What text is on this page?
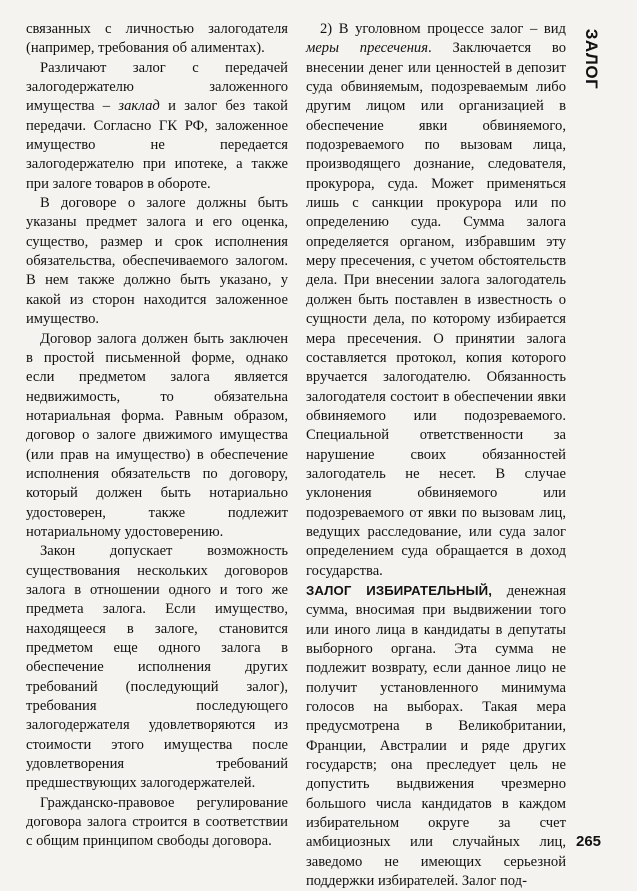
связанных с личностью залогодателя (например, требования об алиментах).

Различают залог с передачей залогодержателю заложенного имущества – заклад и залог без такой передачи. Согласно ГК РФ, заложенное имущество не передается залогодержателю при ипотеке, а также при залоге товаров в обороте.

В договоре о залоге должны быть указаны предмет залога и его оценка, существо, размер и срок исполнения обязательства, обеспечиваемого залогом. В нем также должно быть указано, у какой из сторон находится заложенное имущество.

Договор залога должен быть заключен в простой письменной форме, однако если предметом залога является недвижимость, то обязательна нотариальная форма. Равным образом, договор о залоге движимого имущества (или прав на имущество) в обеспечение исполнения обязательств по договору, который должен быть нотариально удостоверен, также подлежит нотариальному удостоверению.

Закон допускает возможность существования нескольких договоров залога в отношении одного и того же предмета залога. Если имущество, находящееся в залоге, становится предметом еще одного залога в обеспечение исполнения других требований (последующий залог), требования последующего залогодержателя удовлетворяются из стоимости этого имущества после удовлетворения требований предшествующих залогодержателей.

Гражданско-правовое регулирование договора залога строится в соответствии с общим принципом свободы договора.

2) В уголовном процессе залог – вид меры пресечения. Заключается во внесении денег или ценностей в депозит суда обвиняемым, подозреваемым либо другим лицом или организацией в обеспечение явки обвиняемого, подозреваемого по вызовам лица, производящего дознание, следователя, прокурора, суда. Может применяться лишь с санкции прокурора или по определению суда. Сумма залога определяется органом, избравшим эту меру пресечения, с учетом обстоятельств дела. При внесении залога залогодатель должен быть поставлен в известность о сущности дела, по которому избирается мера пресечения. О принятии залога составляется протокол, копия которого вручается залогодателю. Обязанность залогодателя состоит в обеспечении явки обвиняемого или подозреваемого. Специальной ответственности за нарушение своих обязанностей залогодатель не несет. В случае уклонения обвиняемого или подозреваемого от явки по вызовам лиц, ведущих расследование, или суда залог определением суда обращается в доход государства.

ЗАЛОГ ИЗБИРАТЕЛЬНЫЙ, денежная сумма, вносимая при выдвижении того или иного лица в кандидаты в депутаты выборного органа. Эта сумма не подлежит возврату, если данное лицо не получит установленного минимума голосов на выборах. Такая мера предусмотрена в Великобритании, Франции, Австралии и ряде других государств; она преследует цель не допустить выдвижения чрезмерно большого числа кандидатов в каждом избирательном округе за счет амбициозных или случайных лиц, заведомо не имеющих серьезной поддержки избирателей. Залог под-

ЗАЛОГ
265
